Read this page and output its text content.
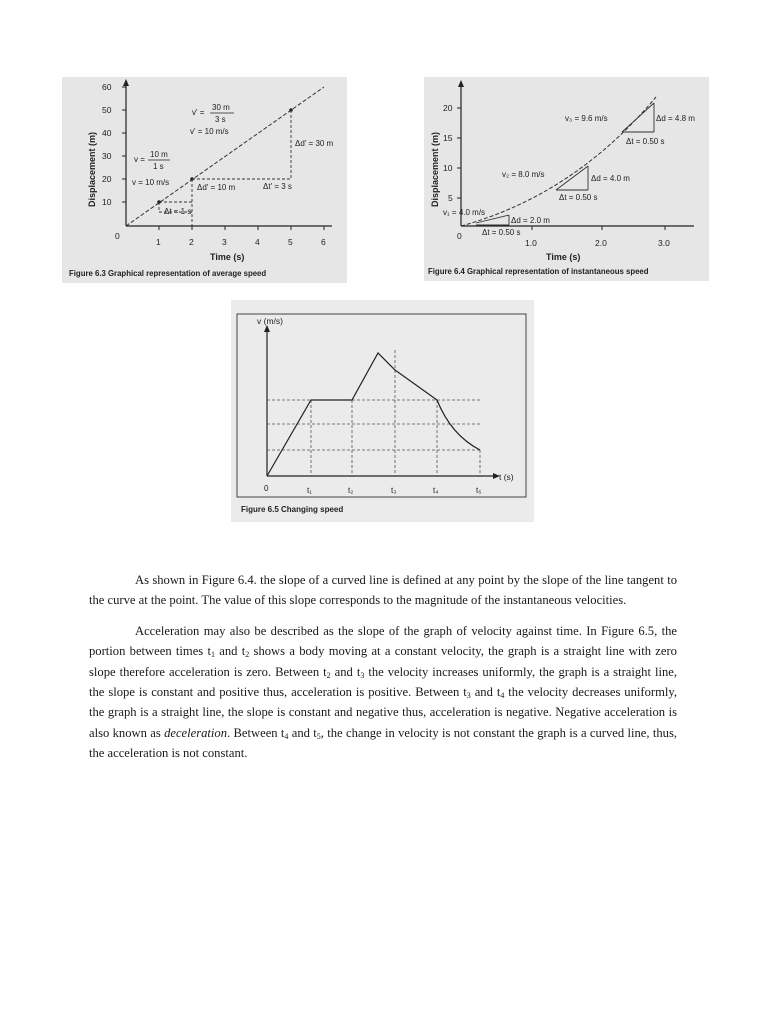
10
20
30
40
50
60
0
1	2	3	4	5	6
Displacement (m)
Time (s)
v' =
30 m
3 s
v' = 10 m/s
v =
10 m
1 s
v = 10 m/s
Δd' = 30 m
Δd' = 10 m	Δt' = 3 s
Δt = 1 s
Figure 6.3 Graphical representation of average speed
5
10
15
20
0
1.0	2.0	3.0
Displacement (m)
Time (s)
v₁ = 4.0 m/s
v₂ = 8.0 m/s
v₃ = 9.6 m/s
Δd = 2.0 m
Δt = 0.50 s
Δd = 4.0 m
Δt = 0.50 s
Δd = 4.8 m
Δt = 0.50 s
Figure 6.4 Graphical representation of instantaneous speed
v (m/s)
t (s)
0	t₁	t₂	t₃	t₄	t₅
Figure 6.5 Changing speed

As shown in Figure 6.4. the slope of a curved line is defined at any point by the slope of the line tangent to the curve at the point. The value of this slope corresponds to the magnitude of the instantaneous velocities.

Acceleration may also be described as the slope of the graph of velocity against time. In Figure 6.5, the portion between times $t_1$ and $t_2$ shows a body moving at a constant velocity, the graph is a straight line with zero slope therefore acceleration is zero. Between $t_2$ and $t_3$ the velocity increases uniformly, the graph is a straight line, the slope is constant and positive thus, acceleration is positive. Between $t_3$ and $t_4$ the velocity decreases uniformly, the graph is a straight line, the slope is constant and negative thus, acceleration is negative. Negative acceleration is also known as deceleration. Between $t_4$ and $t_5$, the change in velocity is not constant the graph is a curved line, thus, the acceleration is not constant.
